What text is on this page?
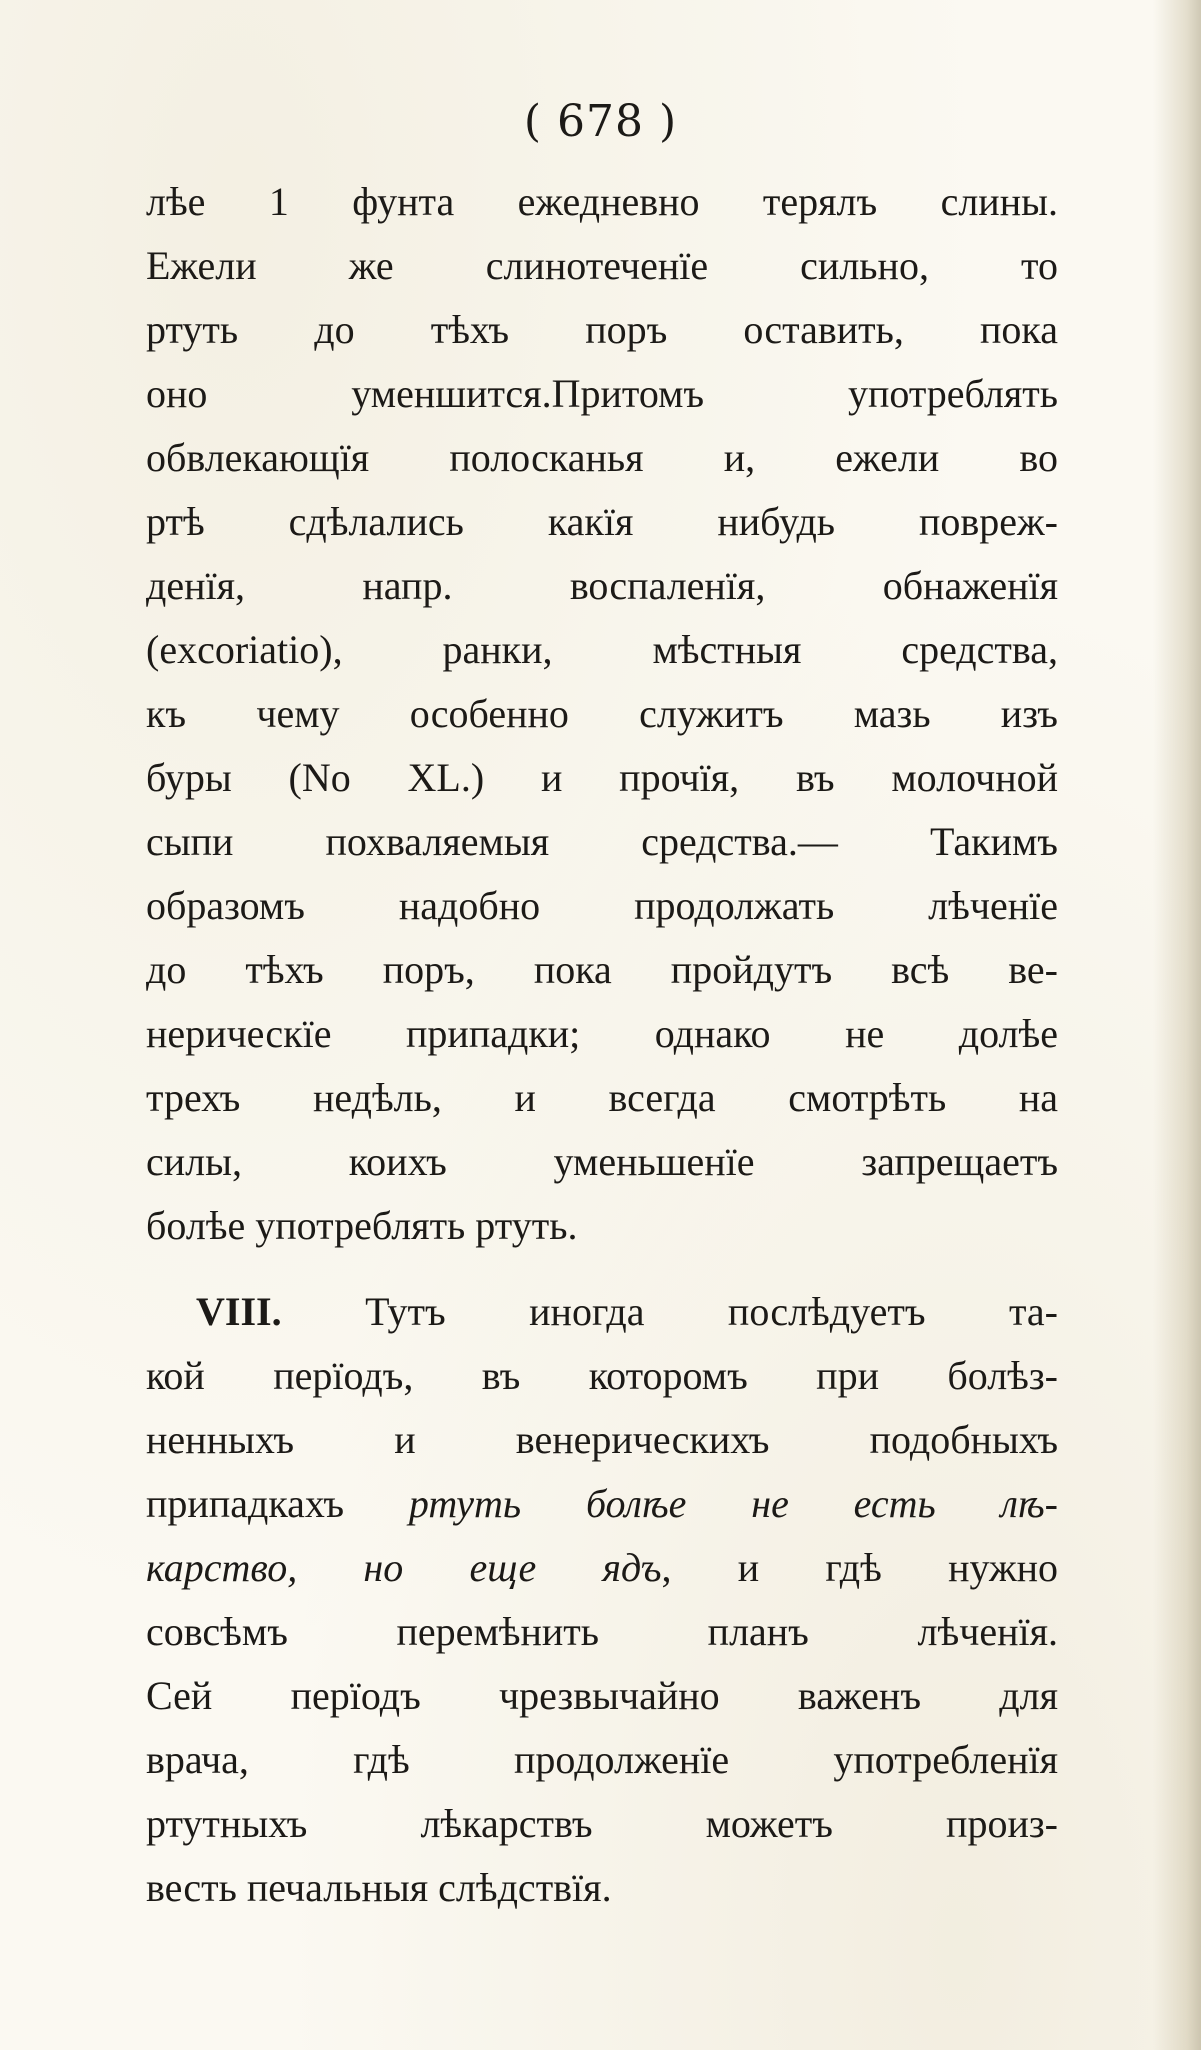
( 678 )
лѣе 1 фунта ежедневно терялъ слины.
Ежели же слинотеченїе сильно, то
ртуть до тѣхъ поръ оставить, пока
оно уменшится.Притомъ употреблять
обвлекающїя полосканья и, ежели во
ртѣ сдѣлались какїя нибудь повреж-
денїя, напр. воспаленїя, обнаженїя
(excoriatio), ранки, мѣстныя средства,
къ чему особенно служитъ мазь изъ
буры (No XL.) и прочїя, въ молочной
сыпи похваляемыя средства.— Такимъ
образомъ надобно продолжать лѣченїе
до тѣхъ поръ, пока пройдутъ всѣ ве-
нерическїе припадки; однако не долѣе
трехъ недѣль, и всегда смотрѣть на
силы, коихъ уменьшенїе запрещаетъ
болѣе употреблять ртуть.
VIII. Тутъ иногда послѣдуетъ та-
кой перїодъ, въ которомъ при болѣз-
ненныхъ и венерическихъ подобныхъ
припадкахъ ртуть болѣе не есть лѣ-
карство, но еще ядъ, и гдѣ нужно
совсѣмъ перемѣнить планъ лѣченїя.
Сей перїодъ чрезвычайно важенъ для
врача, гдѣ продолженїе употребленїя
ртутныхъ лѣкарствъ можетъ произ-
весть печальныя слѣдствїя.
